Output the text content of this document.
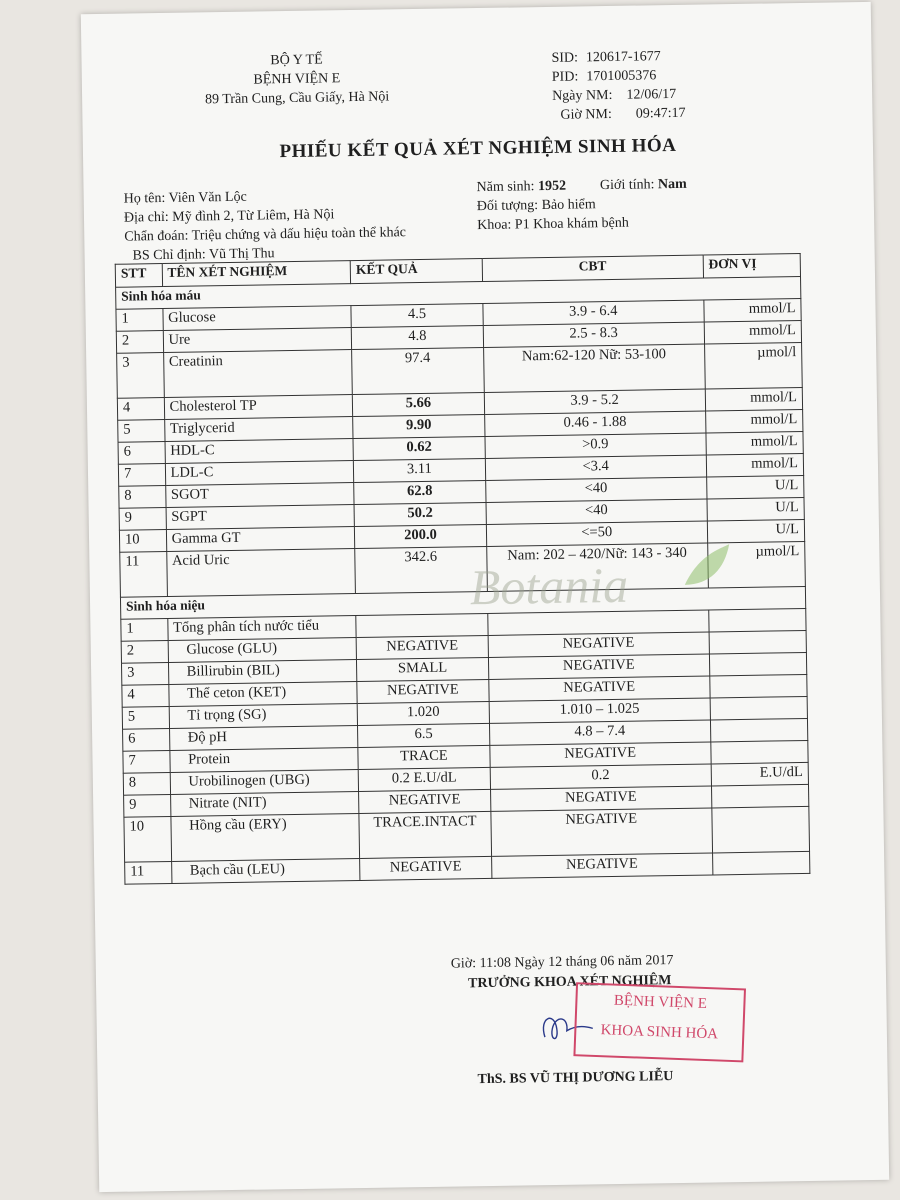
BỘ Y TẾ
BỆNH VIỆN E
89 Trần Cung, Cầu Giấy, Hà Nội
SID: 120617-1677
PID: 1701005376
Ngày NM: 12/06/17
Giờ NM: 09:47:17
PHIẾU KẾT QUẢ XÉT NGHIỆM SINH HÓA
Họ tên: Viên Văn Lộc
Địa chỉ: Mỹ đình 2, Từ Liêm, Hà Nội
Chẩn đoán: Triệu chứng và dấu hiệu toàn thể khác
BS Chỉ định: Vũ Thị Thu
Năm sinh: 1952 Giới tính: Nam
Đối tượng: Bảo hiểm
Khoa: P1 Khoa khám bệnh
STT	TÊN XÉT NGHIỆM	KẾT QUẢ	CBT	ĐƠN VỊ
Sinh hóa máu				
1	Glucose	4.5	3.9 - 6.4	mmol/L
2	Ure	4.8	2.5 - 8.3	mmol/L
3	Creatinin	97.4	Nam:62-120 Nữ: 53-100	µmol/l
4	Cholesterol TP	5.66	3.9 - 5.2	mmol/L
5	Triglycerid	9.90	0.46 - 1.88	mmol/L
6	HDL-C	0.62	>0.9	mmol/L
7	LDL-C	3.11	<3.4	mmol/L
8	SGOT	62.8	<40	U/L
9	SGPT	50.2	<40	U/L
10	Gamma GT	200.0	<=50	U/L
11	Acid Uric	342.6	Nam: 202 – 420/Nữ: 143 - 340	µmol/L
Sinh hóa niệu				
1	Tổng phân tích nước tiểu			
2	Glucose (GLU)	NEGATIVE	NEGATIVE	
3	Billirubin (BIL)	SMALL	NEGATIVE	
4	Thể ceton (KET)	NEGATIVE	NEGATIVE	
5	Tỉ trọng (SG)	1.020	1.010 – 1.025	
6	Độ pH	6.5	4.8 – 7.4	
7	Protein	TRACE	NEGATIVE	
8	Urobilinogen (UBG)	0.2 E.U/dL	0.2	E.U/dL
9	Nitrate (NIT)	NEGATIVE	NEGATIVE	
10	Hồng cầu (ERY)	TRACE.INTACT	NEGATIVE	
11	Bạch cầu (LEU)	NEGATIVE	NEGATIVE	
Botania
Giờ: 11:08 Ngày 12 tháng 06 năm 2017
TRƯỞNG KHOA XÉT NGHIỆM
BỆNH VIỆN E
KHOA SINH HÓA
ThS. BS VŨ THỊ DƯƠNG LIỄU
